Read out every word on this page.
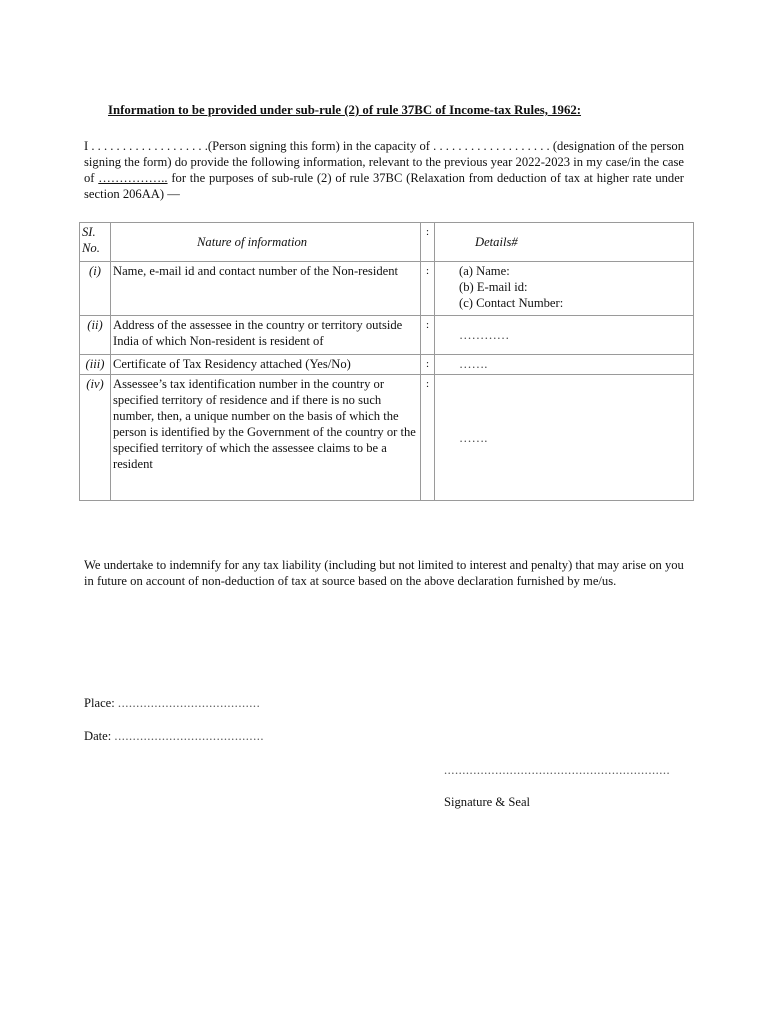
Information to be provided under sub-rule (2) of rule 37BC of Income-tax Rules, 1962:
I . . . . . . . . . . . . . . . . . . .(Person signing this form) in the capacity of . . . . . . . . . . . . . . . . . . . (designation of the person signing the form) do provide the following information, relevant to the previous year 2022-2023 in my case/in the case of …………….. for the purposes of sub-rule (2) of rule 37BC (Relaxation from deduction of tax at higher rate under section 206AA) —
SI. No.	Nature of information	:	Details#
(i)	Name, e-mail id and contact number of the Non-resident	:	(a) Name:
(b) E-mail id:
(c) Contact Number:

(ii)	Address of the assessee in the country or territory outside India of which Non-resident is resident of	:	…………
(iii)	Certificate of Tax Residency attached (Yes/No)	:	…….
(iv)	Assessee’s tax identification number in the country or specified territory of residence and if there is no such number, then, a unique number on the basis of which the person is identified by the Government of the country or the specified territory of which the assessee claims to be a resident	:	…….
We undertake to indemnify for any tax liability (including but not limited to interest and penalty) that may arise on you in future on account of non-deduction of tax at source based on the above declaration furnished by me/us.
Place: .......................................
Date: .........................................
..............................................................
Signature & Seal
